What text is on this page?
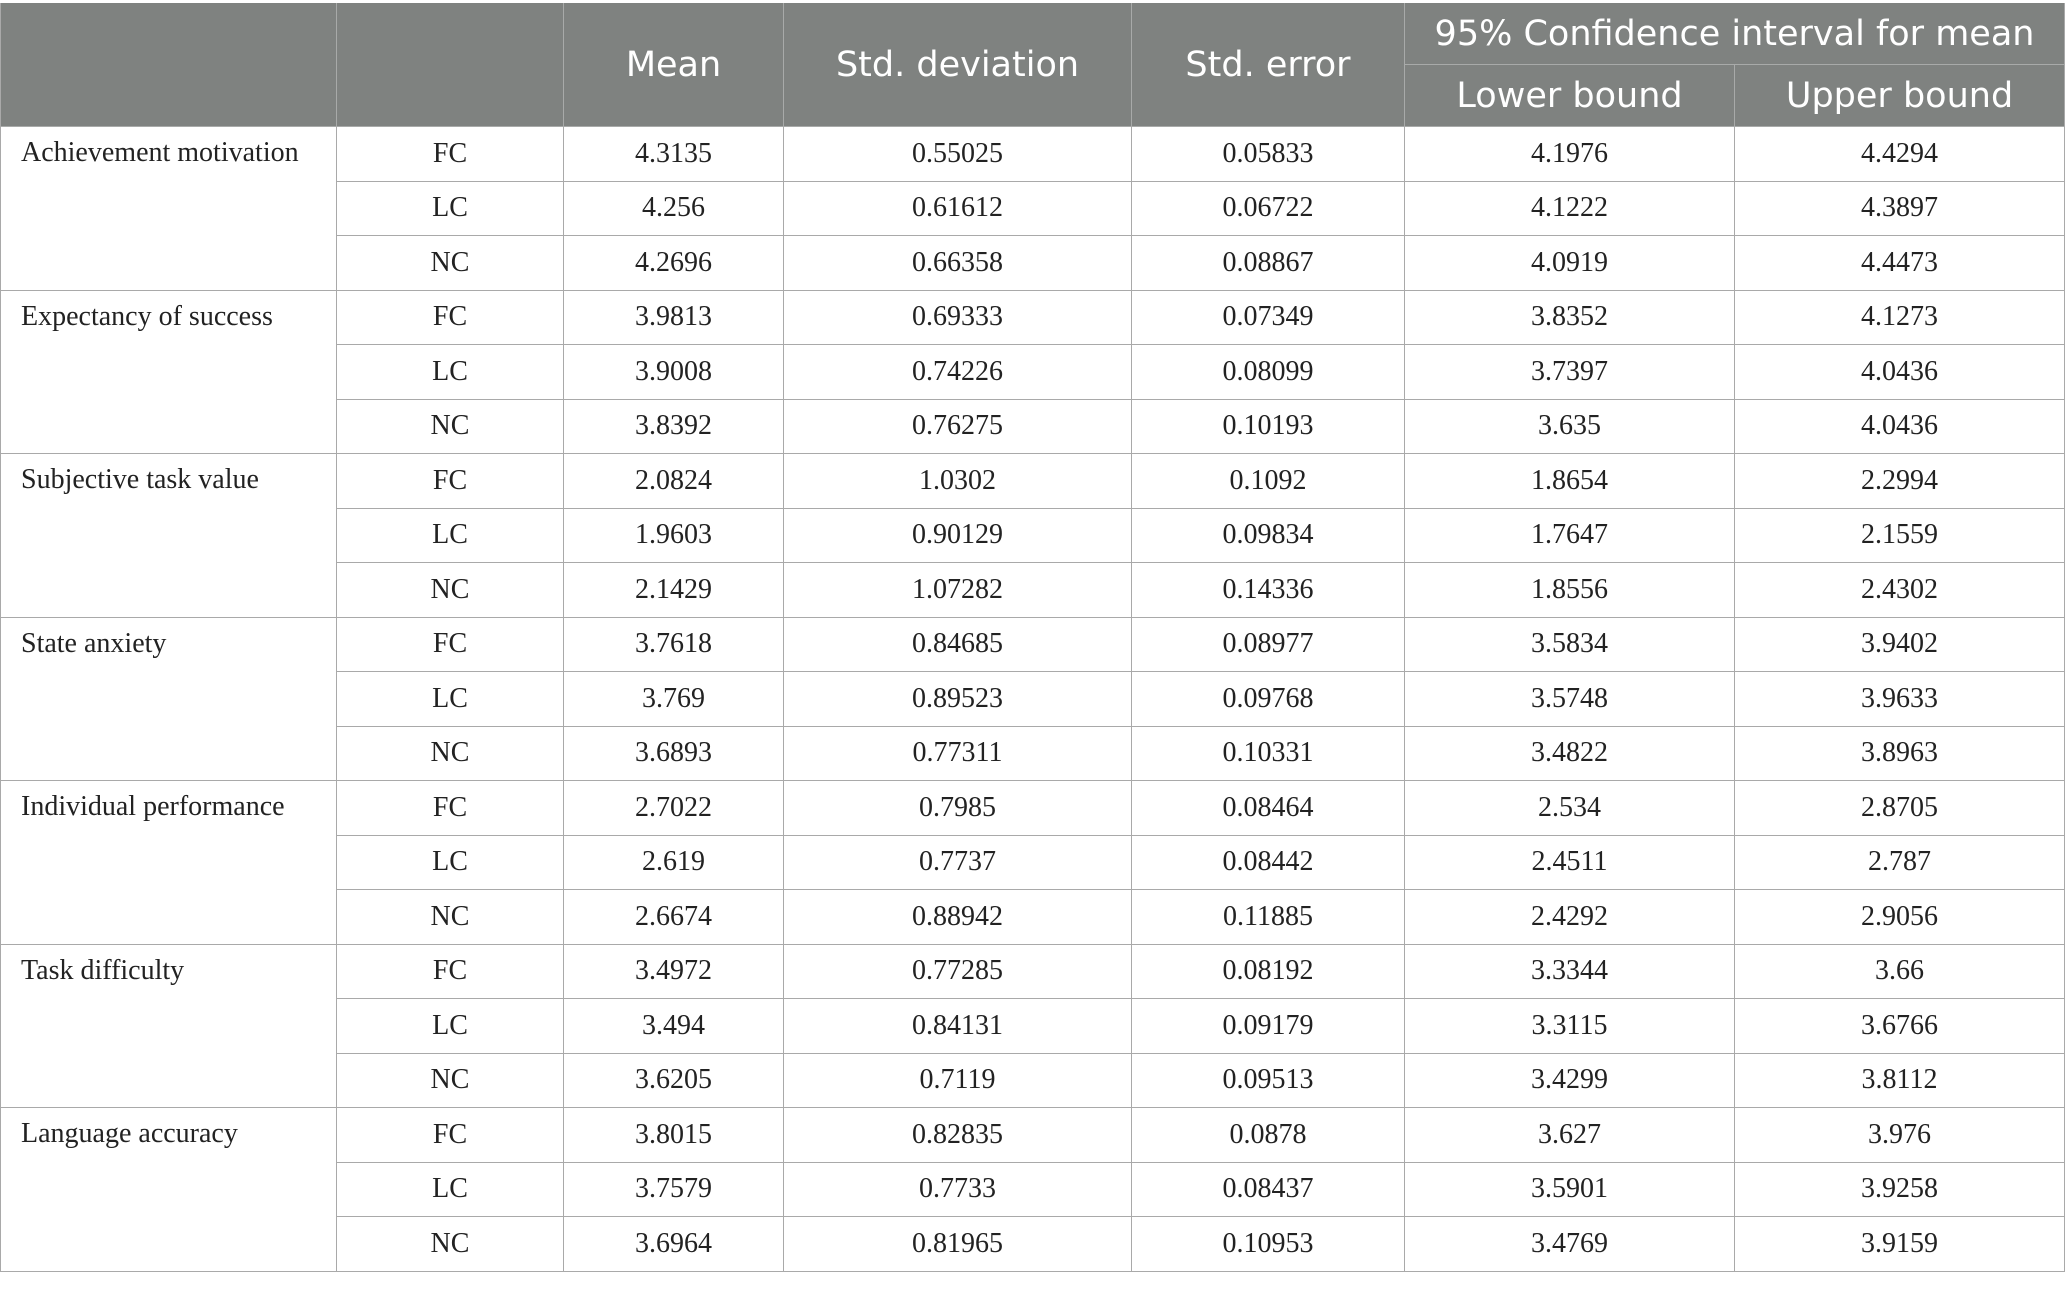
		Mean	Std. deviation	Std. error	95% Confidence interval for mean	
					Lower bound	Upper bound
Achievement motivation	FC	4.3135	0.55025	0.05833	4.1976	4.4294
	LC	4.256	0.61612	0.06722	4.1222	4.3897
	NC	4.2696	0.66358	0.08867	4.0919	4.4473
Expectancy of success	FC	3.9813	0.69333	0.07349	3.8352	4.1273
	LC	3.9008	0.74226	0.08099	3.7397	4.0436
	NC	3.8392	0.76275	0.10193	3.635	4.0436
Subjective task value	FC	2.0824	1.0302	0.1092	1.8654	2.2994
	LC	1.9603	0.90129	0.09834	1.7647	2.1559
	NC	2.1429	1.07282	0.14336	1.8556	2.4302
State anxiety	FC	3.7618	0.84685	0.08977	3.5834	3.9402
	LC	3.769	0.89523	0.09768	3.5748	3.9633
	NC	3.6893	0.77311	0.10331	3.4822	3.8963
Individual performance	FC	2.7022	0.7985	0.08464	2.534	2.8705
	LC	2.619	0.7737	0.08442	2.4511	2.787
	NC	2.6674	0.88942	0.11885	2.4292	2.9056
Task difficulty	FC	3.4972	0.77285	0.08192	3.3344	3.66
	LC	3.494	0.84131	0.09179	3.3115	3.6766
	NC	3.6205	0.7119	0.09513	3.4299	3.8112
Language accuracy	FC	3.8015	0.82835	0.0878	3.627	3.976
	LC	3.7579	0.7733	0.08437	3.5901	3.9258
	NC	3.6964	0.81965	0.10953	3.4769	3.9159
